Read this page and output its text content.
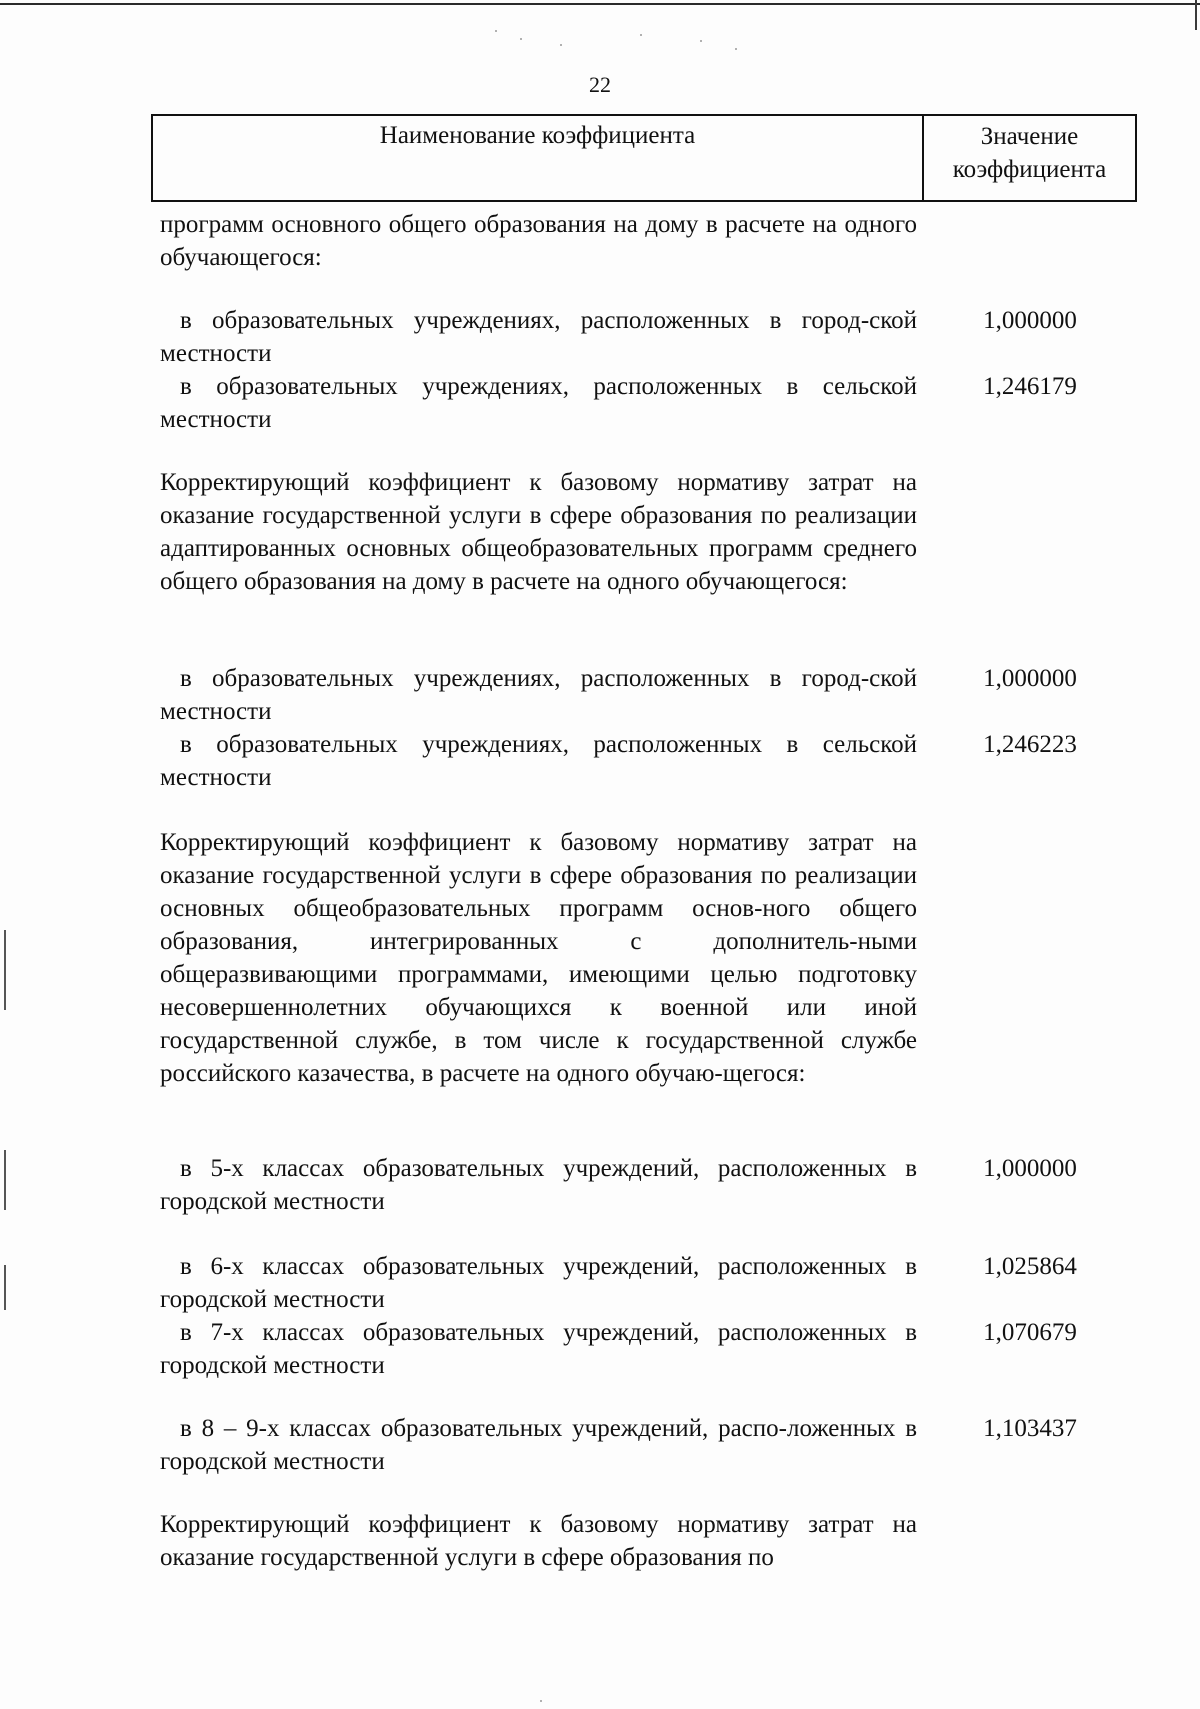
22
Наименование коэффициента	Значение коэффициента
программ основного общего образования на дому в расчете на одного обучающегося:
в образовательных учреждениях, расположенных в город-ской местности
1,000000
в образовательных учреждениях, расположенных в сельской местности
1,246179
Корректирующий коэффициент к базовому нормативу затрат на оказание государственной услуги в сфере образования по реализации адаптированных основных общеобразовательных программ среднего общего образования на дому в расчете на одного обучающегося:
в образовательных учреждениях, расположенных в город-ской местности
1,000000
в образовательных учреждениях, расположенных в сельской местности
1,246223
Корректирующий коэффициент к базовому нормативу затрат на оказание государственной услуги в сфере образования по реализации основных общеобразовательных программ основ-ного общего образования, интегрированных с дополнитель-ными общеразвивающими программами, имеющими целью подготовку несовершеннолетних обучающихся к военной или иной государственной службе, в том числе к государственной службе российского казачества, в расчете на одного обучаю-щегося:
в 5-х классах образовательных учреждений, расположенных в городской местности
1,000000
в 6-х классах образовательных учреждений, расположенных в городской местности
1,025864
в 7-х классах образовательных учреждений, расположенных в городской местности
1,070679
в 8 – 9-х классах образовательных учреждений, распо-ложенных в городской местности
1,103437
Корректирующий коэффициент к базовому нормативу затрат на оказание государственной услуги в сфере образования по
